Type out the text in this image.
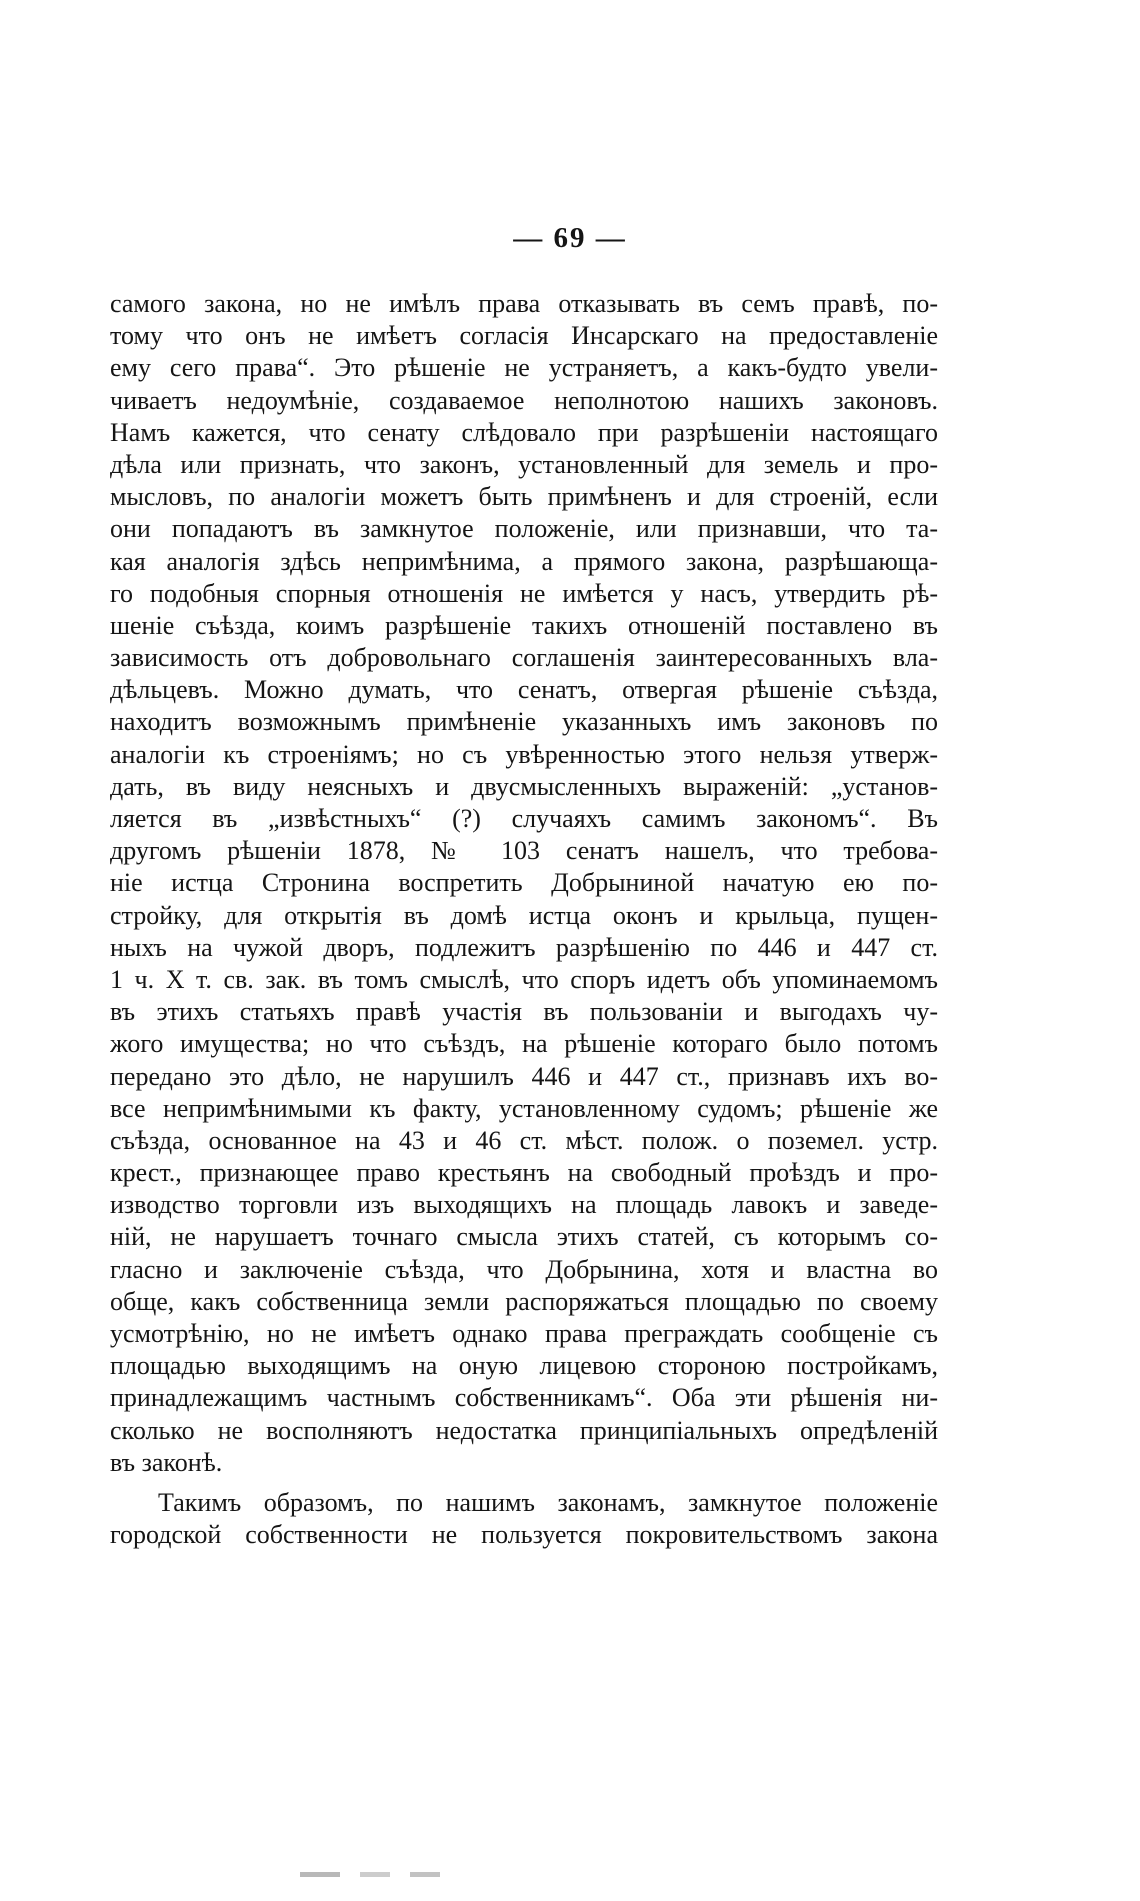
— 69 —
самого закона, но не имѣлъ права отказывать въ семъ правѣ, по-
тому что онъ не имѣетъ согласія Инсарскаго на предоставленіе
ему сего права“. Это рѣшеніе не устраняетъ, а какъ-будто увели-
чиваетъ недоумѣніе, создаваемое неполнотою нашихъ законовъ.
Намъ кажется, что сенату слѣдовало при разрѣшеніи настоящаго
дѣла или признать, что законъ, установленный для земель и про-
мысловъ, по аналогіи можетъ быть примѣненъ и для строеній, если
они попадаютъ въ замкнутое положеніе, или признавши, что та-
кая аналогія здѣсь непримѣнима, а прямого закона, разрѣшающа-
го подобныя спорныя отношенія не имѣется у насъ, утвердить рѣ-
шеніе съѣзда, коимъ разрѣшеніе такихъ отношеній поставлено въ
зависимость отъ добровольнаго соглашенія заинтересованныхъ вла-
дѣльцевъ. Можно думать, что сенатъ, отвергая рѣшеніе съѣзда,
находитъ возможнымъ примѣненіе указанныхъ имъ законовъ по
аналогіи къ строеніямъ; но съ увѣренностью этого нельзя утверж-
дать, въ виду неясныхъ и двусмысленныхъ выраженій: „установ-
ляется въ „извѣстныхъ“ (?) случаяхъ самимъ закономъ“. Въ
другомъ рѣшеніи 1878, № 103 сенатъ нашелъ, что требова-
ніе истца Стронина воспретить Добрыниной начатую ею по-
стройку, для открытія въ домѣ истца оконъ и крыльца, пущен-
ныхъ на чужой дворъ, подлежитъ разрѣшенію по 446 и 447 ст.
1 ч. X т. св. зак. въ томъ смыслѣ, что споръ идетъ объ упоминаемомъ
въ этихъ статьяхъ правѣ участія въ пользованіи и выгодахъ чу-
жого имущества; но что съѣздъ, на рѣшеніе котораго было потомъ
передано это дѣло, не нарушилъ 446 и 447 ст., признавъ ихъ во-
все непримѣнимыми къ факту, установленному судомъ; рѣшеніе же
съѣзда, основанное на 43 и 46 ст. мѣст. полож. о поземел. устр.
крест., признающее право крестьянъ на свободный проѣздъ и про-
изводство торговли изъ выходящихъ на площадь лавокъ и заведе-
ній, не нарушаетъ точнаго смысла этихъ статей, съ которымъ со-
гласно и заключеніе съѣзда, что Добрынина, хотя и властна во
обще, какъ собственница земли распоряжаться площадью по своему
усмотрѣнію, но не имѣетъ однако права преграждать сообщеніе съ
площадью выходящимъ на оную лицевою стороною постройкамъ,
принадлежащимъ частнымъ собственникамъ“. Оба эти рѣшенія ни-
сколько не восполняютъ недостатка принципіальныхъ опредѣленій
въ законѣ.
Такимъ образомъ, по нашимъ законамъ, замкнутое положеніе
городской собственности не пользуется покровительствомъ закона
